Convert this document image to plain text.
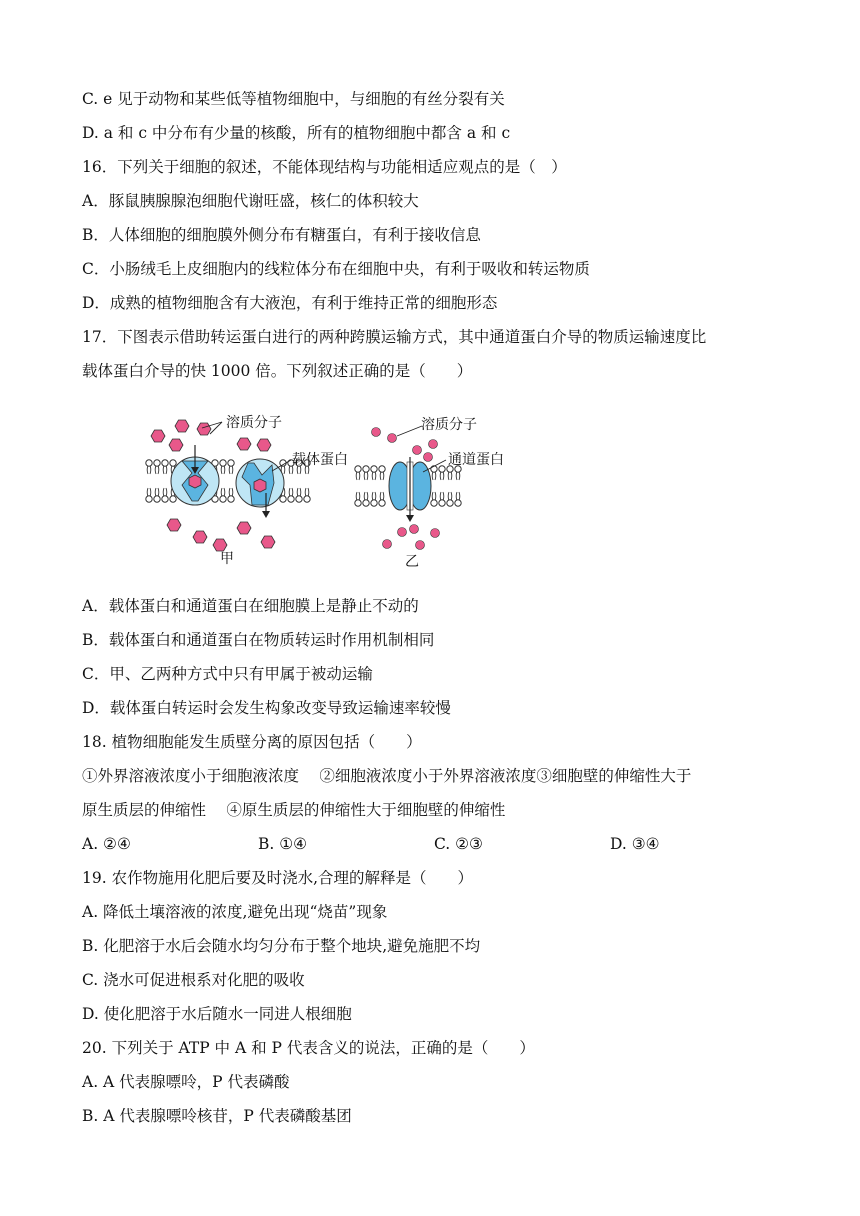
C. e 见于动物和某些低等植物细胞中，与细胞的有丝分裂有关
D. a 和 c 中分布有少量的核酸，所有的植物细胞中都含 a 和 c
16．下列关于细胞的叙述，不能体现结构与功能相适应观点的是（　）
A．豚鼠胰腺腺泡细胞代谢旺盛，核仁的体积较大
B．人体细胞的细胞膜外侧分布有糖蛋白，有利于接收信息
C．小肠绒毛上皮细胞内的线粒体分布在细胞中央，有利于吸收和转运物质
D．成熟的植物细胞含有大液泡，有利于维持正常的细胞形态
17．下图表示借助转运蛋白进行的两种跨膜运输方式，其中通道蛋白介导的物质运输速度比
载体蛋白介导的快 1000 倍。下列叙述正确的是（　　）
溶质分子
载体蛋白
溶质分子
通道蛋白
甲	乙
A．载体蛋白和通道蛋白在细胞膜上是静止不动的
B．载体蛋白和通道蛋白在物质转运时作用机制相同
C．甲、乙两种方式中只有甲属于被动运输
D．载体蛋白转运时会发生构象改变导致运输速率较慢
18. 植物细胞能发生质壁分离的原因包括（　　）
①外界溶液浓度小于细胞液浓度　 ②细胞液浓度小于外界溶液浓度③细胞壁的伸缩性大于
原生质层的伸缩性　 ④原生质层的伸缩性大于细胞壁的伸缩性
A. ②④	B. ①④	C. ②③	D. ③④
19. 农作物施用化肥后要及时浇水,合理的解释是（　　）
A. 降低土壤溶液的浓度,避免出现“烧苗”现象
B. 化肥溶于水后会随水均匀分布于整个地块,避免施肥不均
C. 浇水可促进根系对化肥的吸收
D. 使化肥溶于水后随水一同进人根细胞
20. 下列关于 ATP 中 A 和 P 代表含义的说法，正确的是（　　）
A. A 代表腺嘌呤，P 代表磷酸
B. A 代表腺嘌呤核苷，P 代表磷酸基团
